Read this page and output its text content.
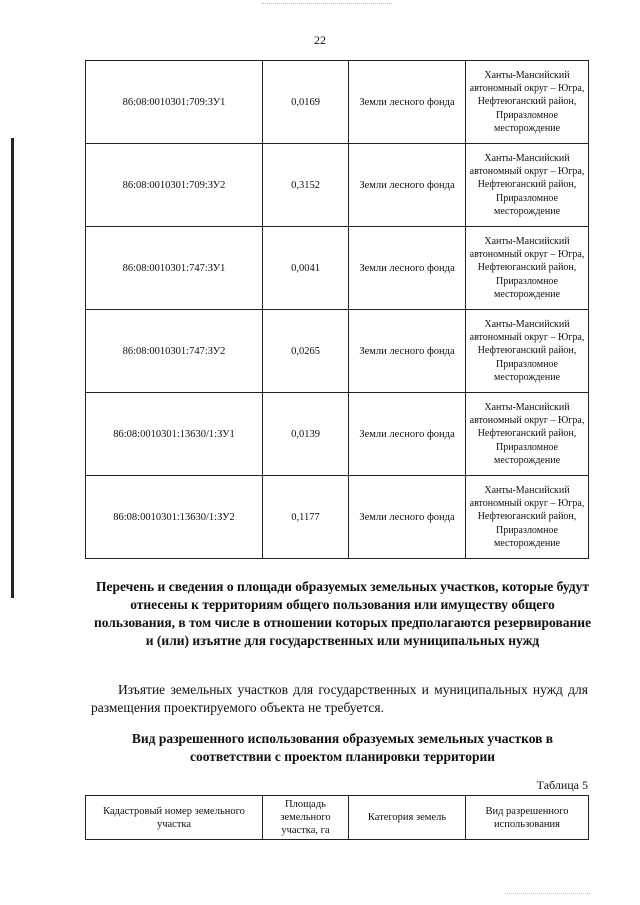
22
86:08:0010301:709:ЗУ1	0,0169	Земли лесного фонда	Ханты-Мансийский автономный округ – Югра, Нефтеюганский район, Приразломное месторождение
86:08:0010301:709:ЗУ2	0,3152	Земли лесного фонда	Ханты-Мансийский автономный округ – Югра, Нефтеюганский район, Приразломное месторождение
86:08:0010301:747:ЗУ1	0,0041	Земли лесного фонда	Ханты-Мансийский автономный округ – Югра, Нефтеюганский район, Приразломное месторождение
86:08:0010301:747:ЗУ2	0,0265	Земли лесного фонда	Ханты-Мансийский автономный округ – Югра, Нефтеюганский район, Приразломное месторождение
86:08:0010301:13630/1:ЗУ1	0,0139	Земли лесного фонда	Ханты-Мансийский автономный округ – Югра, Нефтеюганский район, Приразломное месторождение
86:08:0010301:13630/1:ЗУ2	0,1177	Земли лесного фонда	Ханты-Мансийский автономный округ – Югра, Нефтеюганский район, Приразломное месторождение
Перечень и сведения о площади образуемых земельных участков, которые будут отнесены к территориям общего пользования или имуществу общего пользования, в том числе в отношении которых предполагаются резервирование и (или) изъятие для государственных или муниципальных нужд
Изъятие земельных участков для государственных и муниципальных нужд для размещения проектируемого объекта не требуется.
Вид разрешенного использования образуемых земельных участков в соответствии с проектом планировки территории
Таблица 5
Кадастровый номер земельного участка	Площадь земельного участка, га	Категория земель	Вид разрешенного использования
